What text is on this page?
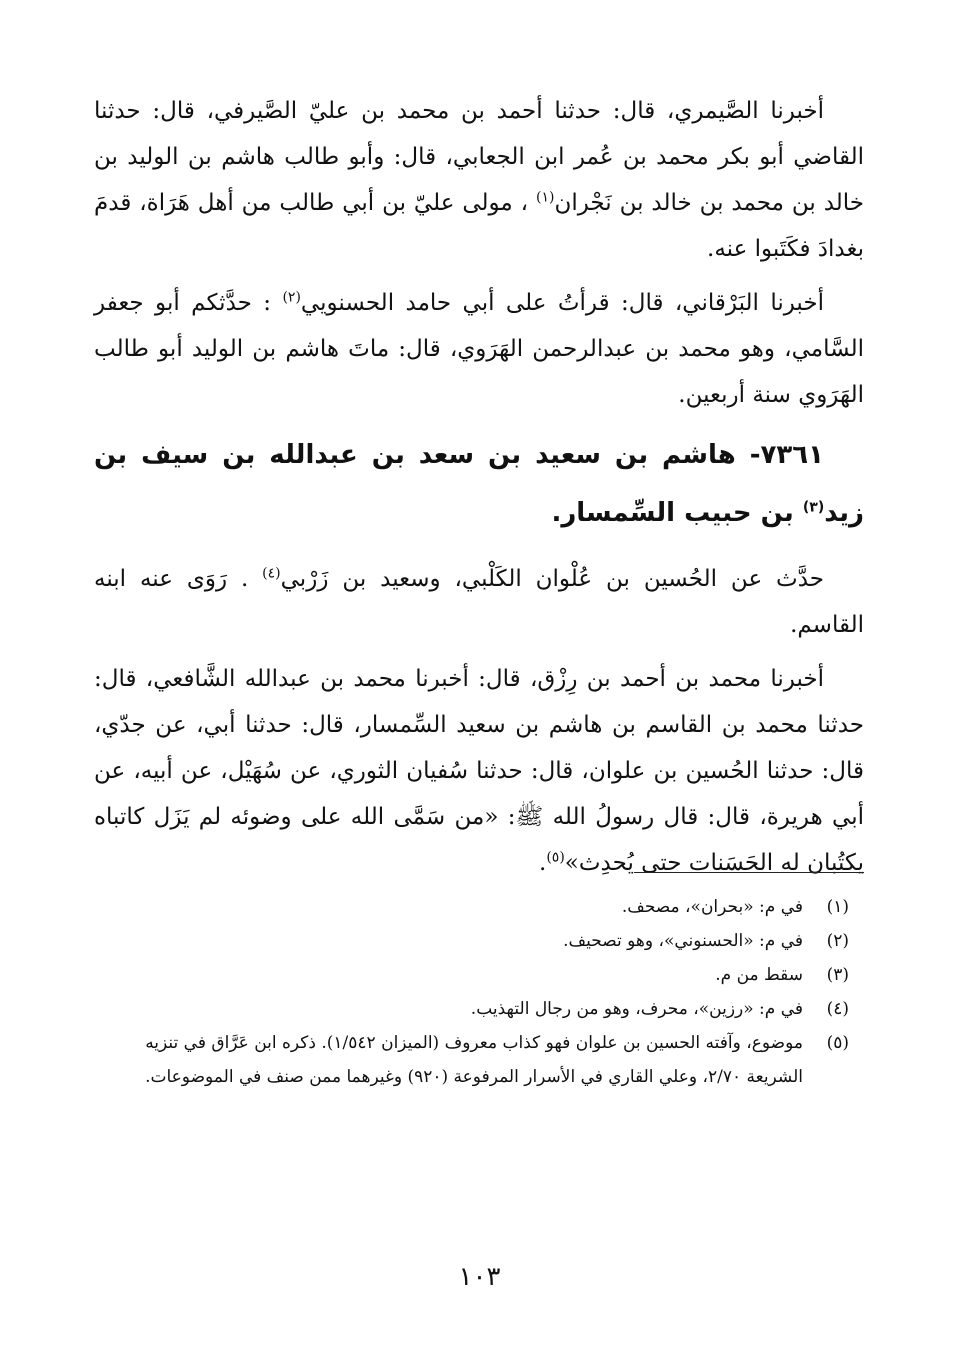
أخبرنا الصَّيمري، قال: حدثنا أحمد بن محمد بن عليّ الصَّيرفي، قال: حدثنا القاضي أبو بكر محمد بن عُمر ابن الجعابي، قال: وأبو طالب هاشم بن الوليد بن خالد بن محمد بن خالد بن نَجْران$^{(١)}$ ، مولى عليّ بن أبي طالب من أهل هَرَاة، قدمَ بغدادَ فكَتَبوا عنه.

أخبرنا البَرْقاني، قال: قرأتُ على أبي حامد الحسنويي$^{(٢)}$ : حدَّثكم أبو جعفر السَّامي، وهو محمد بن عبدالرحمن الهَرَوي، قال: ماتَ هاشم بن الوليد أبو طالب الهَرَوي سنة أربعين.

٧٣٦١- هاشم بن سعيد بن سعد بن عبدالله بن سيف بن زيد$^{(٣)}$ بن حبيب السِّمسار.

حدَّث عن الحُسين بن عُلْوان الكَلْبي، وسعيد بن زَرْبي$^{(٤)}$ . رَوَى عنه ابنه القاسم.

أخبرنا محمد بن أحمد بن رِزْق، قال: أخبرنا محمد بن عبدالله الشَّافعي، قال: حدثنا محمد بن القاسم بن هاشم بن سعيد السِّمسار، قال: حدثنا أبي، عن جدّي، قال: حدثنا الحُسين بن علوان، قال: حدثنا سُفيان الثوري، عن سُهَيْل، عن أبيه، عن أبي هريرة، قال: قال رسولُ الله ﷺ: «من سَمَّى الله على وضوئه لم يَزَل كاتباه يكتُبان له الحَسَنات حتى يُحدِث»$^{(٥)}$.

(١)
في م: «بحران»، مصحف.
(٢)
في م: «الحسنوني»، وهو تصحيف.
(٣)
سقط من م.
(٤)
في م: «رزين»، محرف، وهو من رجال التهذيب.
(٥)
موضوع، وآفته الحسين بن علوان فهو كذاب معروف (الميزان ١/٥٤٢). ذكره ابن عَرَّاق في تنزيه الشريعة ٢/٧٠، وعلي القاري في الأسرار المرفوعة (٩٢٠) وغيرهما ممن صنف في الموضوعات.
١٠٣
